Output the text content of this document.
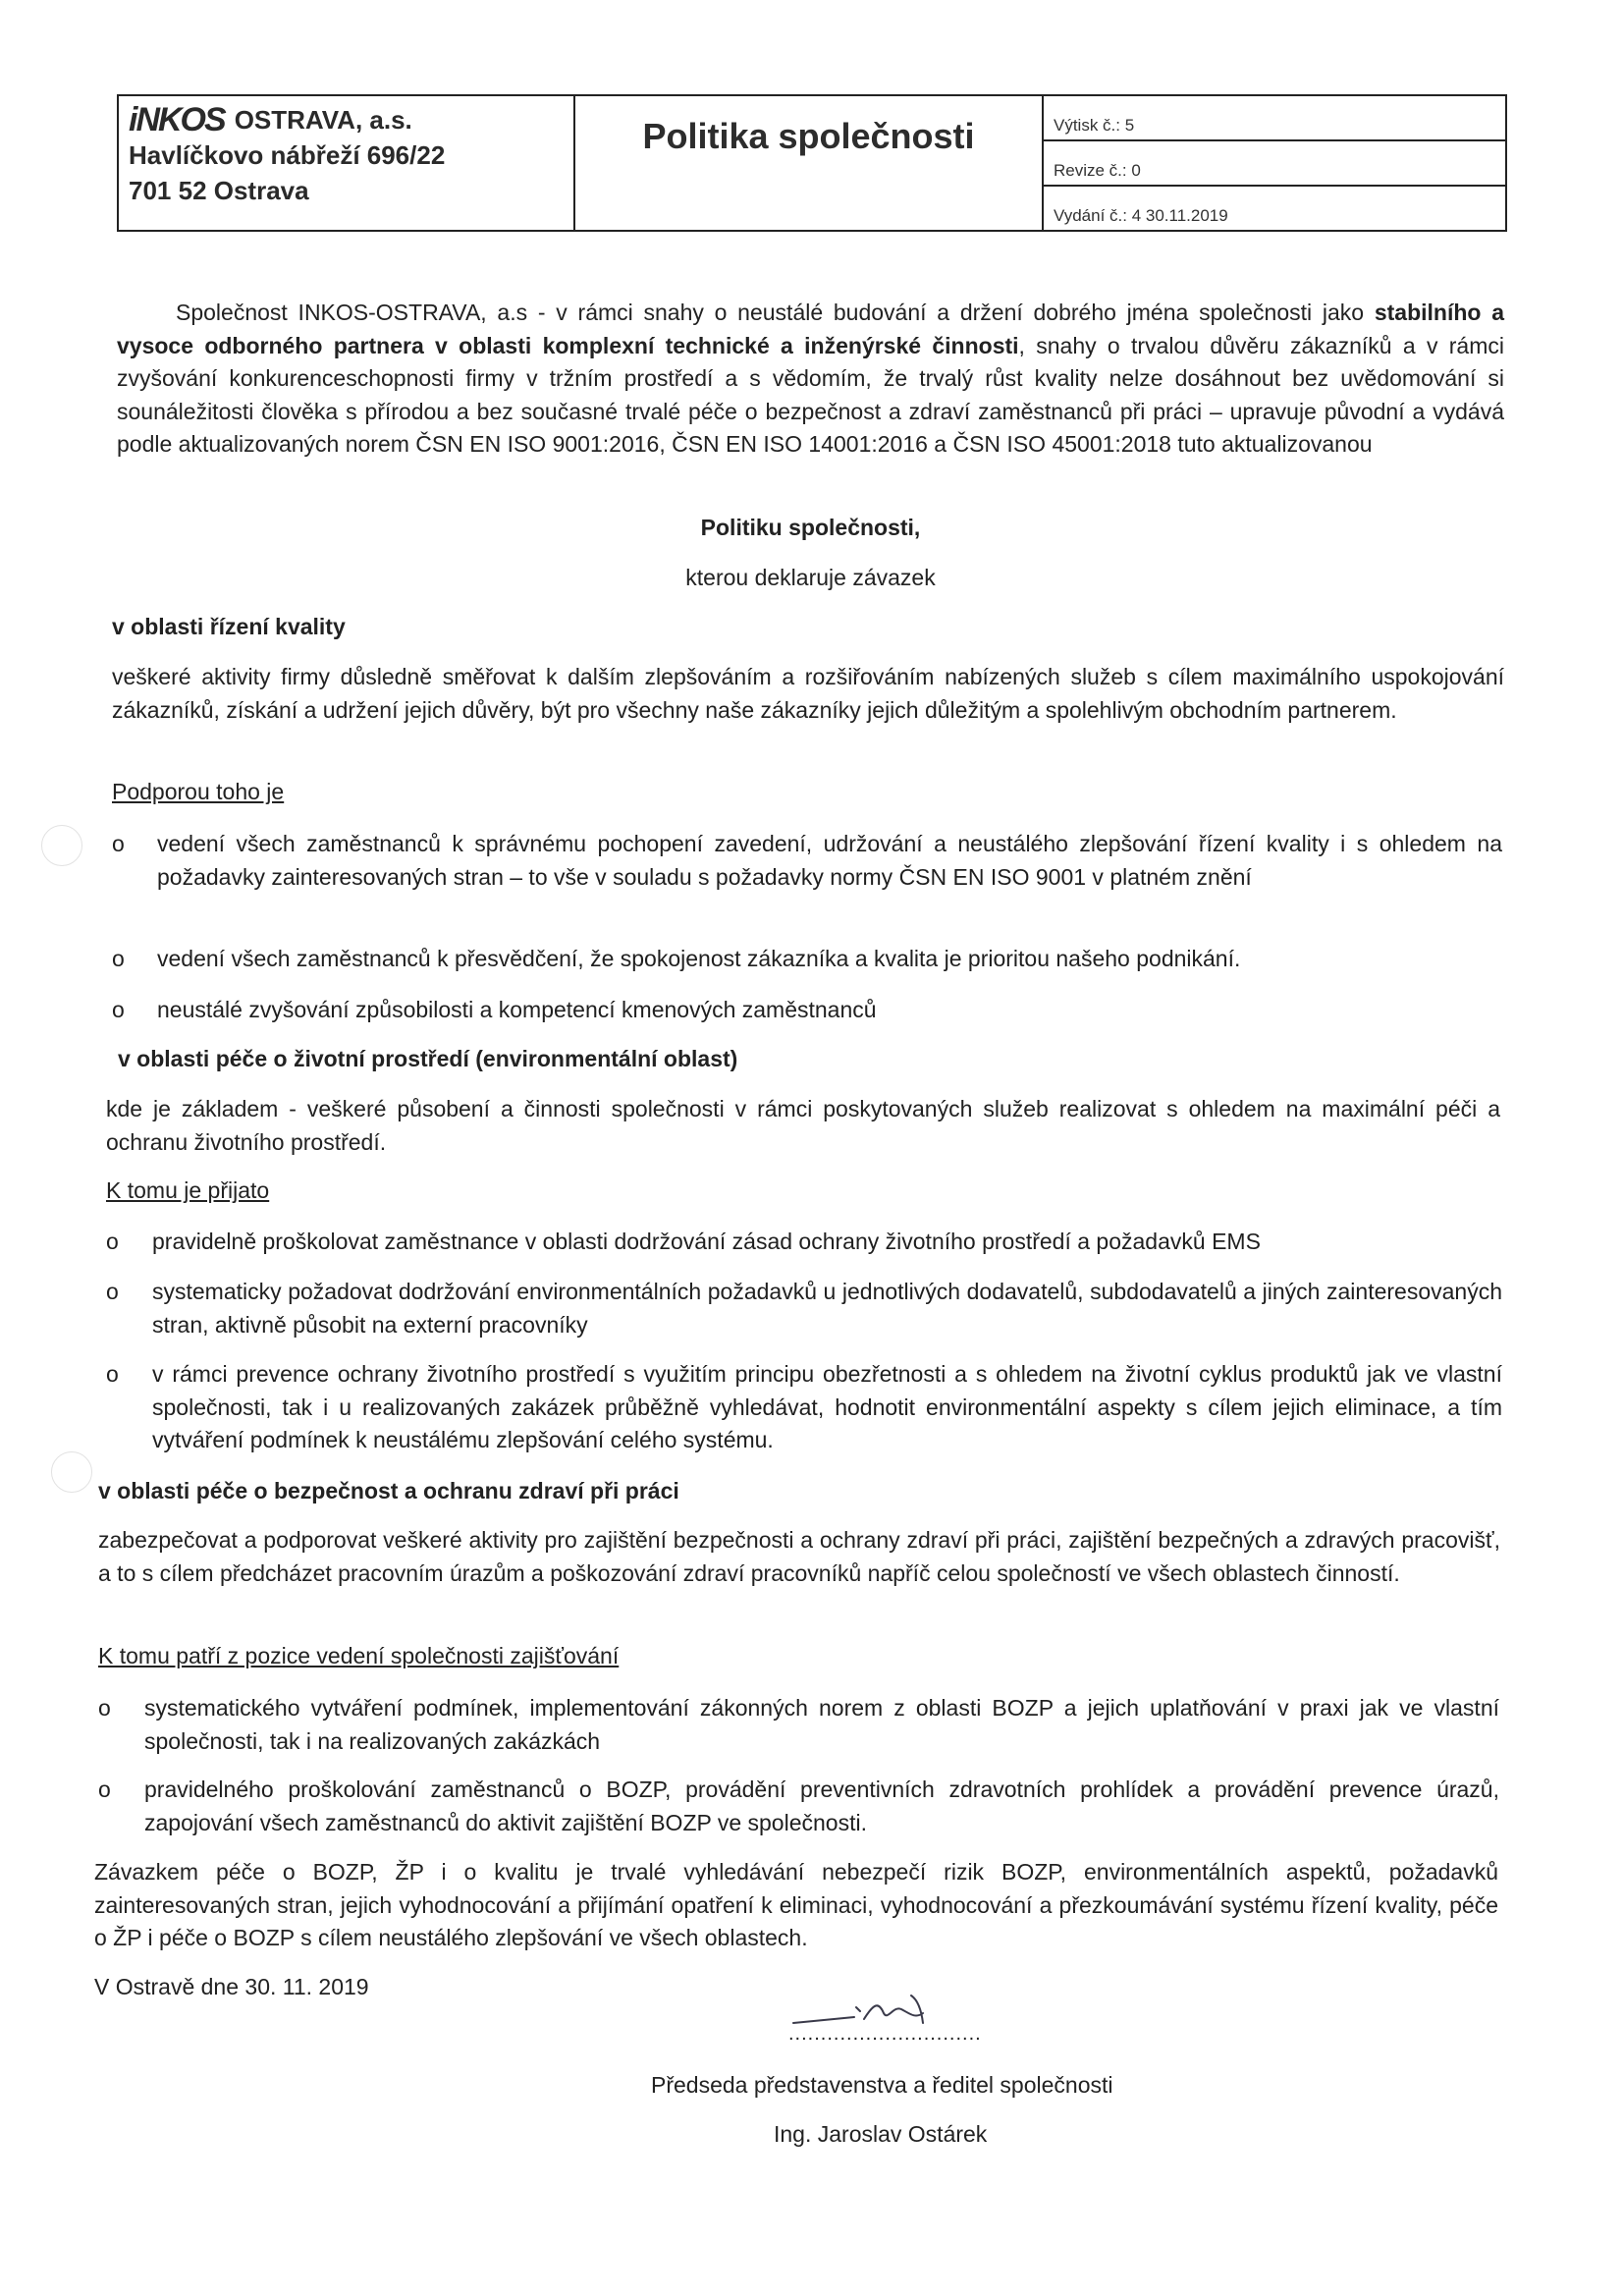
iNKOS OSTRAVA, a.s.
Havlíčkovo nábřeží 696/22
701 52 Ostrava
Politika společnosti	Výtisk č.: 5
Revize č.: 0
Vydání č.: 4 30.11.2019
Společnost INKOS-OSTRAVA, a.s - v rámci snahy o neustálé budování a držení dobrého jména společnosti jako stabilního a vysoce odborného partnera v oblasti komplexní technické a inženýrské činnosti, snahy o trvalou důvěru zákazníků a v rámci zvyšování konkurenceschopnosti firmy v tržním prostředí a s vědomím, že trvalý růst kvality nelze dosáhnout bez uvědomování si sounáležitosti člověka s přírodou a bez současné trvalé péče o bezpečnost a zdraví zaměstnanců při práci – upravuje původní a vydává podle aktualizovaných norem ČSN EN ISO 9001:2016, ČSN EN ISO 14001:2016 a ČSN ISO 45001:2018 tuto aktualizovanou
Politiku společnosti,
kterou deklaruje závazek
v oblasti řízení kvality
veškeré aktivity firmy důsledně směřovat k dalším zlepšováním a rozšiřováním nabízených služeb s cílem maximálního uspokojování zákazníků, získání a udržení jejich důvěry, být pro všechny naše zákazníky jejich důležitým a spolehlivým obchodním partnerem.
Podporou toho je
o	vedení všech zaměstnanců k správnému pochopení zavedení, udržování a neustálého zlepšování řízení kvality i s ohledem na požadavky zainteresovaných stran – to vše v souladu s požadavky normy ČSN EN ISO 9001 v platném znění
o	vedení všech zaměstnanců k přesvědčení, že spokojenost zákazníka a kvalita je prioritou našeho podnikání.
o	neustálé zvyšování způsobilosti a kompetencí kmenových zaměstnanců
v oblasti péče o životní prostředí (environmentální oblast)
kde je základem - veškeré působení a činnosti společnosti v rámci poskytovaných služeb realizovat s ohledem na maximální péči a ochranu životního prostředí.
K tomu je přijato
o	pravidelně proškolovat zaměstnance v oblasti dodržování zásad ochrany životního prostředí a požadavků EMS
o	systematicky požadovat dodržování environmentálních požadavků u jednotlivých dodavatelů, subdodavatelů a jiných zainteresovaných stran, aktivně působit na externí pracovníky
o	v rámci prevence ochrany životního prostředí s využitím principu obezřetnosti a s ohledem na životní cyklus produktů jak ve vlastní společnosti, tak i u realizovaných zakázek průběžně vyhledávat, hodnotit environmentální aspekty s cílem jejich eliminace, a tím vytváření podmínek k neustálému zlepšování celého systému.
v oblasti péče o bezpečnost a ochranu zdraví při práci
zabezpečovat a podporovat veškeré aktivity pro zajištění bezpečnosti a ochrany zdraví při práci, zajištění bezpečných a zdravých pracovišť, a to s cílem předcházet pracovním úrazům a poškozování zdraví pracovníků napříč celou společností ve všech oblastech činností.
K tomu patří z pozice vedení společnosti zajišťování
o	systematického vytváření podmínek, implementování zákonných norem z oblasti BOZP a jejich uplatňování v praxi jak ve vlastní společnosti, tak i na realizovaných zakázkách
o	pravidelného proškolování zaměstnanců o BOZP, provádění preventivních zdravotních prohlídek a provádění prevence úrazů, zapojování všech zaměstnanců do aktivit zajištění BOZP ve společnosti.
Závazkem péče o BOZP, ŽP i o kvalitu je trvalé vyhledávání nebezpečí rizik BOZP, environmentálních aspektů, požadavků zainteresovaných stran, jejich vyhodnocování a přijímání opatření k eliminaci, vyhodnocování a přezkoumávání systému řízení kvality, péče o ŽP i péče o BOZP s cílem neustálého zlepšování ve všech oblastech.
V Ostravě dne 30. 11. 2019
..............................
Předseda představenstva a ředitel společnosti
Ing. Jaroslav Ostárek
